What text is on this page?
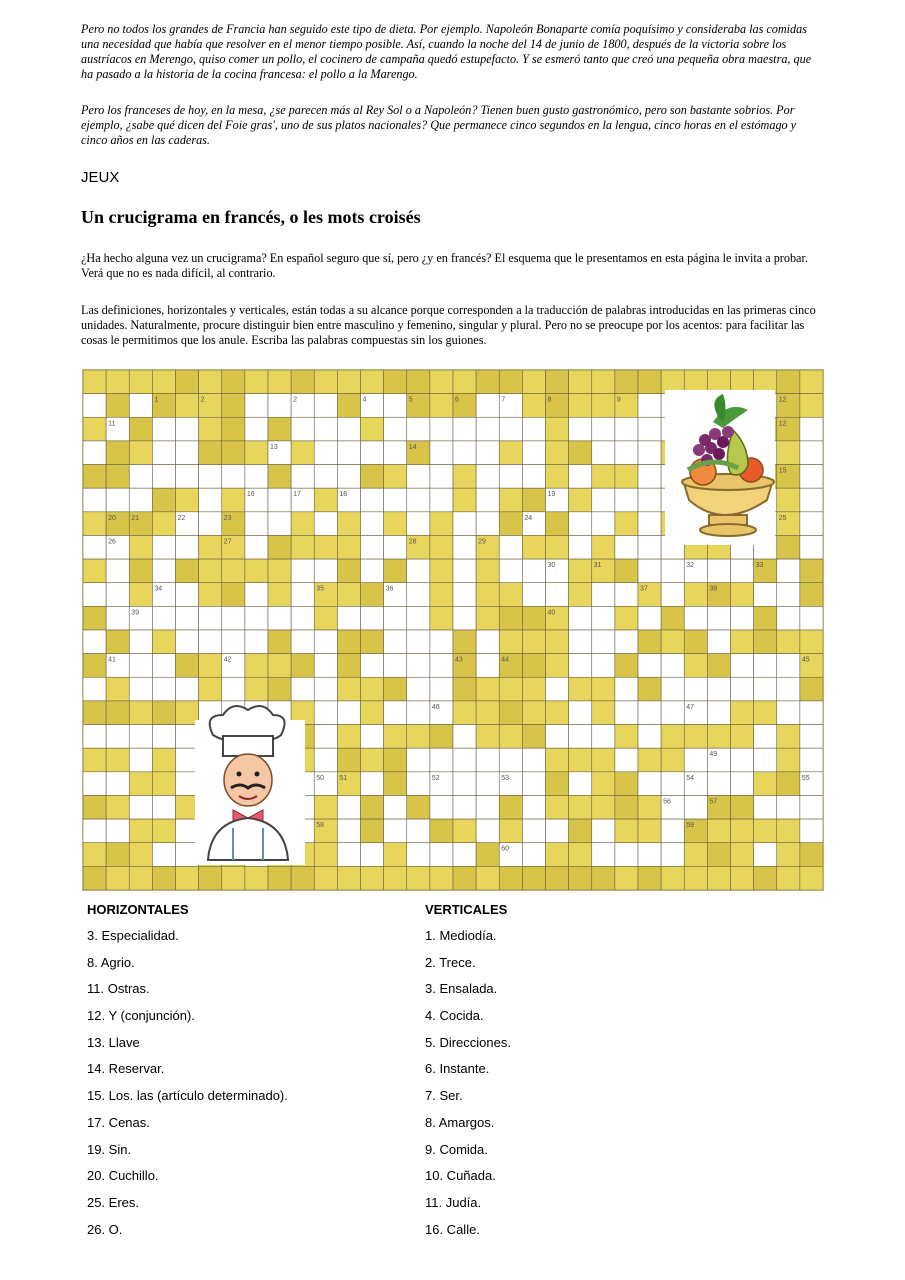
Pero no todos los grandes de Francia han seguido este tipo de dieta. Por ejemplo. Napoleón Bonaparte comía poquísimo y consideraba las comidas una necesidad que había que resolver en el menor tiempo posible. Así, cuando la noche del 14 de junio de 1800, después de la victoria sobre los austríacos en Merengo, quiso comer un pollo, el cocinero de campaña quedó estupefacto. Y se esmeró tanto que creó una pequeña obra maestra, que ha pasado a la historia de la cocina francesa: el pollo a la Marengo.

Pero los franceses de hoy, en la mesa, ¿se parecen más al Rey Sol o a Napoleón? Tienen buen gusto gastronómico, pero son bastante sobrios. Por ejemplo, ¿sabe qué dicen del Foie gras', uno de sus platos nacionales? Que permanece cinco segundos en la lengua, cinco horas en el estómago y cinco años en las caderas.

JEUX
Un crucigrama en francés, o les mots croisés

¿Ha hecho alguna vez un crucigrama? En español seguro que sí, pero ¿y en francés? El esquema que le presentamos en esta página le invita a probar. Verá que no es nada difícil, al contrario.

Las definiciones, horizontales y verticales, están todas a su alcance porque corresponden a la traducción de palabras introducidas en las primeras cinco unidades. Naturalmente, procure distinguir bien entre masculino y femenino, singular y plural. Pero no se preocupe por los acentos: para facilitar las cosas le permitimos que los anule. Escriba las palabras compuestas sin los guiones.

1	2	2	4	5	6	7	8	9	12
11	12
13	14
15
16	17	18	19
20 21	22	23	24	25
26	27	28	29
30	31	32	33
34	35	36	37	38
39	40
41	42	43	44	45
46	47
49
50 51	52	53	54	55
56	57
58	59
60
HORIZONTALES
3. Especialidad.
8. Agrio.
11. Ostras.
12. Y (conjunción).
13. Llave
14. Reservar.
15. Los. las (artículo determinado).
17. Cenas.
19. Sin.
20. Cuchillo.
25. Eres.
26. O.
VERTICALES
1. Mediodía.
2. Trece.
3. Ensalada.
4. Cocida.
5. Direcciones.
6. Instante.
7. Ser.
8. Amargos.
9. Comida.
10. Cuñada.
11. Judía.
16. Calle.
